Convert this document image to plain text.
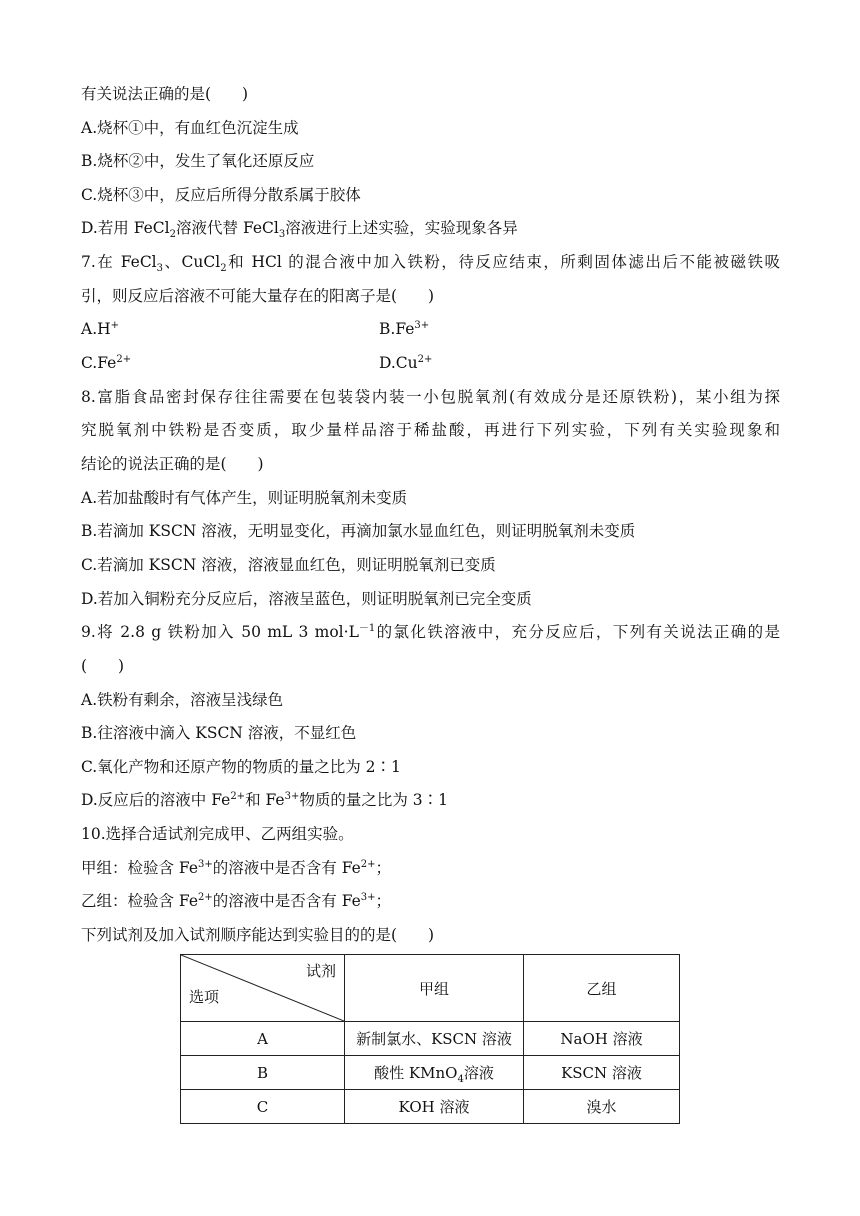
有关说法正确的是(　　)
A.烧杯①中，有血红色沉淀生成
B.烧杯②中，发生了氧化还原反应
C.烧杯③中，反应后所得分散系属于胶体
D.若用 FeCl$_2$溶液代替 FeCl$_3$溶液进行上述实验，实验现象各异
7.在 FeCl$_3$、CuCl$_2$和 HCl 的混合液中加入铁粉，待反应结束，所剩固体滤出后不能被磁铁吸
引，则反应后溶液不可能大量存在的阳离子是(　　)
A.H+	$B.Fe^{3+}$
$C.Fe^{2+}$	$D.Cu^{2+}$
8.富脂食品密封保存往往需要在包装袋内装一小包脱氧剂(有效成分是还原铁粉)，某小组为探
究脱氧剂中铁粉是否变质，取少量样品溶于稀盐酸，再进行下列实验，下列有关实验现象和
结论的说法正确的是(　　)
A.若加盐酸时有气体产生，则证明脱氧剂未变质
B.若滴加 KSCN 溶液，无明显变化，再滴加氯水显血红色，则证明脱氧剂未变质
C.若滴加 KSCN 溶液，溶液显血红色，则证明脱氧剂已变质
D.若加入铜粉充分反应后，溶液呈蓝色，则证明脱氧剂已完全变质
9.将 2.8 g 铁粉加入 50 mL 3 $mol\cdot L^{-1}$的氯化铁溶液中，充分反应后，下列有关说法正确的是
(　　)
A.铁粉有剩余，溶液呈浅绿色
B.往溶液中滴入 KSCN 溶液，不显红色
C.氧化产物和还原产物的物质的量之比为 2∶1
D.反应后的溶液中 $Fe^{2+}$和 $Fe^{3+}$物质的量之比为 3∶1
10.选择合适试剂完成甲、乙两组实验。
甲组：检验含 $Fe^{3+}$的溶液中是否含有 $Fe^{2+}$；
乙组：检验含 $Fe^{2+}$的溶液中是否含有 $Fe^{3+}$；
下列试剂及加入试剂顺序能达到实验目的的是(　　)
试剂
选项	甲组	乙组
A	新制氯水、KSCN 溶液	NaOH 溶液
B	酸性 KMnO$_4$溶液	KSCN 溶液
C	KOH 溶液	溴水
